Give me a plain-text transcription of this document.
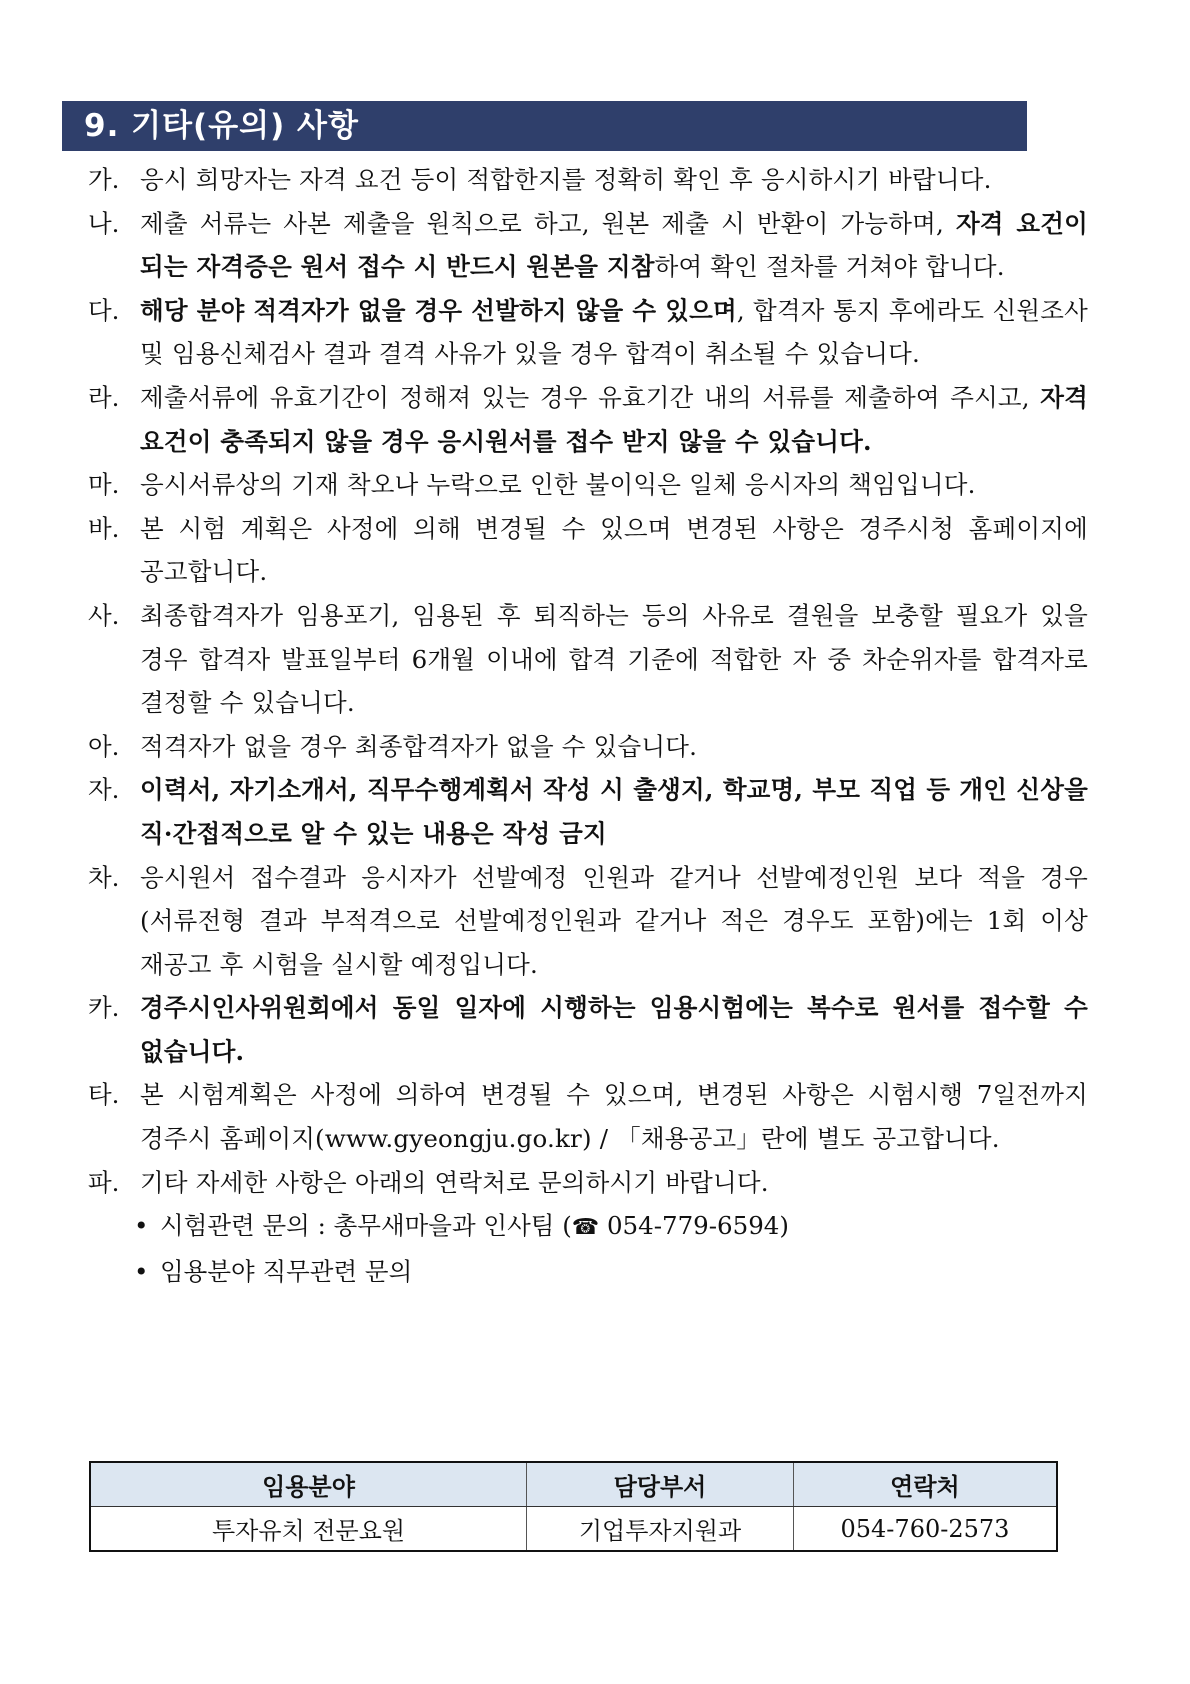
9. 기타(유의) 사항
가. 응시 희망자는 자격 요건 등이 적합한지를 정확히 확인 후 응시하시기 바랍니다.
나. 제출 서류는 사본 제출을 원칙으로 하고, 원본 제출 시 반환이 가능하며, 자격 요건이 되는 자격증은 원서 접수 시 반드시 원본을 지참하여 확인 절차를 거쳐야 합니다.
다. 해당 분야 적격자가 없을 경우 선발하지 않을 수 있으며, 합격자 통지 후에라도 신원조사 및 임용신체검사 결과 결격 사유가 있을 경우 합격이 취소될 수 있습니다.
라. 제출서류에 유효기간이 정해져 있는 경우 유효기간 내의 서류를 제출하여 주시고, 자격 요건이 충족되지 않을 경우 응시원서를 접수 받지 않을 수 있습니다.
마. 응시서류상의 기재 착오나 누락으로 인한 불이익은 일체 응시자의 책임입니다.
바. 본 시험 계획은 사정에 의해 변경될 수 있으며 변경된 사항은 경주시청 홈페이지에 공고합니다.
사. 최종합격자가 임용포기, 임용된 후 퇴직하는 등의 사유로 결원을 보충할 필요가 있을 경우 합격자 발표일부터 6개월 이내에 합격 기준에 적합한 자 중 차순위자를 합격자로 결정할 수 있습니다.
아. 적격자가 없을 경우 최종합격자가 없을 수 있습니다.
자. 이력서, 자기소개서, 직무수행계획서 작성 시 출생지, 학교명, 부모 직업 등 개인 신상을 직·간접적으로 알 수 있는 내용은 작성 금지
차. 응시원서 접수결과 응시자가 선발예정 인원과 같거나 선발예정인원 보다 적을 경우(서류전형 결과 부적격으로 선발예정인원과 같거나 적은 경우도 포함)에는 1회 이상 재공고 후 시험을 실시할 예정입니다.
카. 경주시인사위원회에서 동일 일자에 시행하는 임용시험에는 복수로 원서를 접수할 수 없습니다.
타. 본 시험계획은 사정에 의하여 변경될 수 있으며, 변경된 사항은 시험시행 7일전까지 경주시 홈페이지(www.gyeongju.go.kr) / 「채용공고」란에 별도 공고합니다.
파. 기타 자세한 사항은 아래의 연락처로 문의하시기 바랍니다.
• 시험관련 문의 : 총무새마을과 인사팀 (☎ 054-779-6594)
• 임용분야 직무관련 문의
임용분야	담당부서	연락처
투자유치 전문요원	기업투자지원과	054-760-2573
